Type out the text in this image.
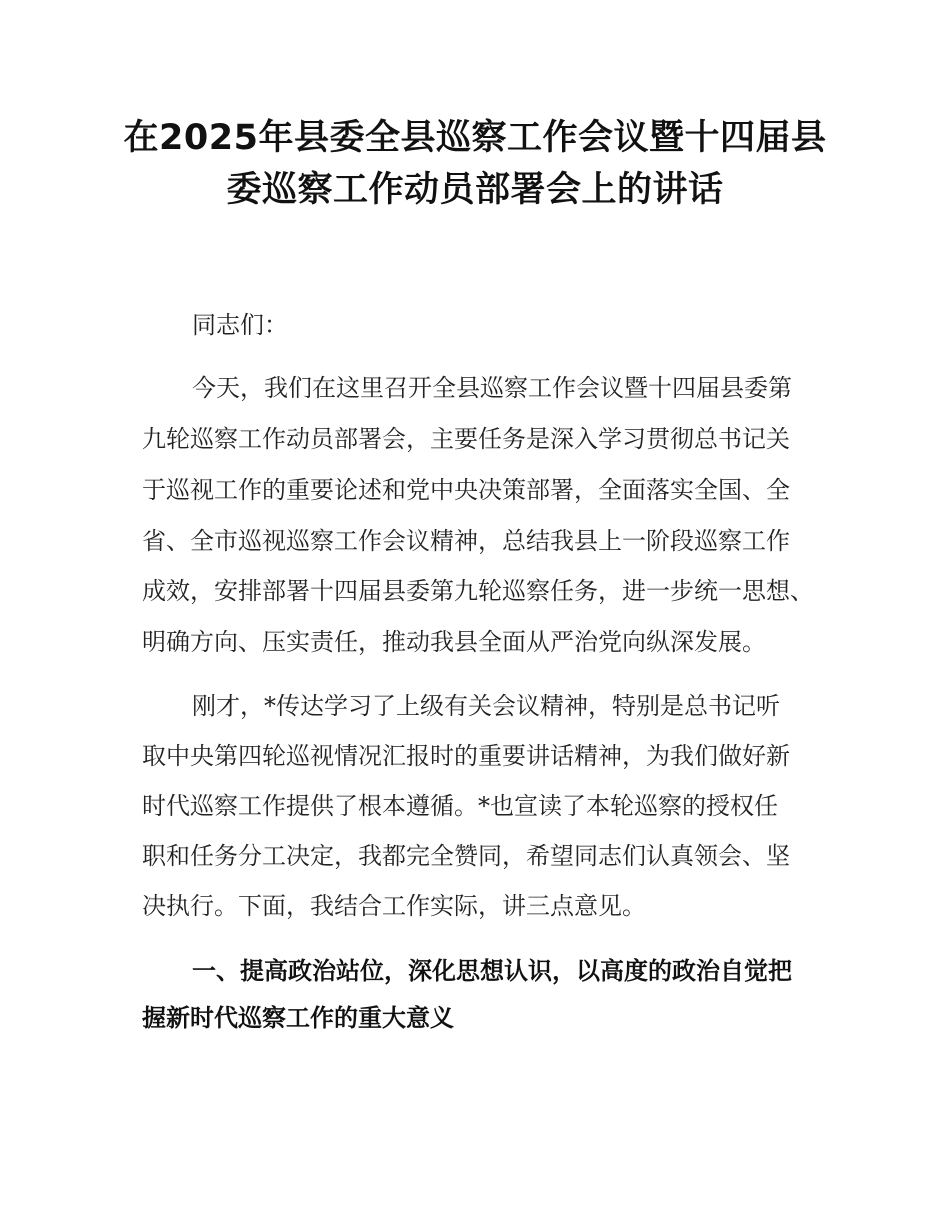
在2025年县委全县巡察工作会议暨十四届县
委巡察工作动员部署会上的讲话
同志们：
今天，我们在这里召开全县巡察工作会议暨十四届县委第
九轮巡察工作动员部署会，主要任务是深入学习贯彻总书记关
于巡视工作的重要论述和党中央决策部署，全面落实全国、全
省、全市巡视巡察工作会议精神，总结我县上一阶段巡察工作
成效，安排部署十四届县委第九轮巡察任务，进一步统一思想、
明确方向、压实责任，推动我县全面从严治党向纵深发展。
刚才，*传达学习了上级有关会议精神，特别是总书记听
取中央第四轮巡视情况汇报时的重要讲话精神，为我们做好新
时代巡察工作提供了根本遵循。*也宣读了本轮巡察的授权任
职和任务分工决定，我都完全赞同，希望同志们认真领会、坚
决执行。下面，我结合工作实际，讲三点意见。
一、提高政治站位，深化思想认识，以高度的政治自觉把
握新时代巡察工作的重大意义
